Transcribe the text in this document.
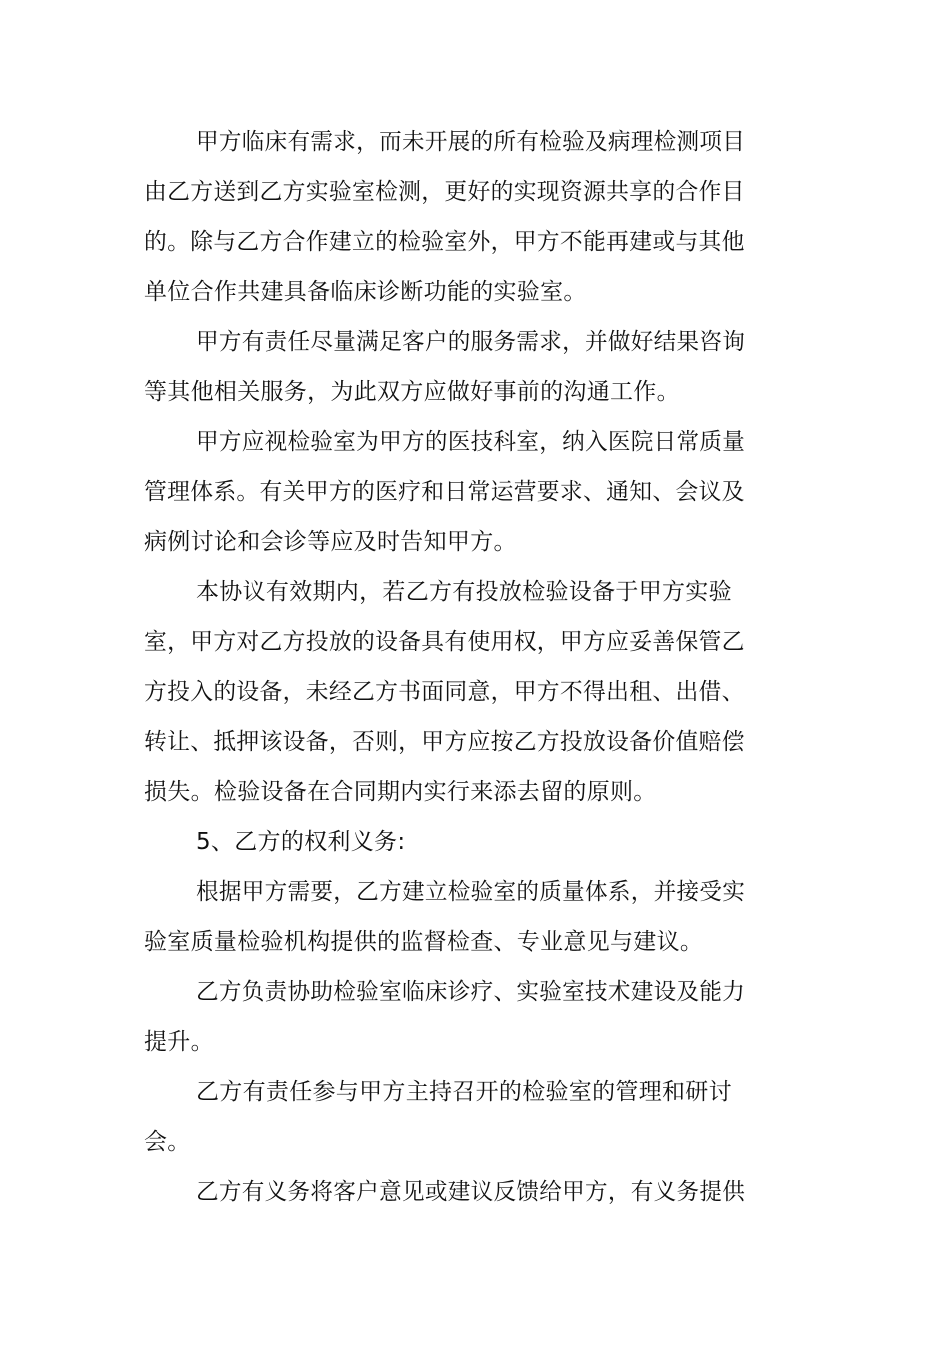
甲方临床有需求，而未开展的所有检验及病理检测项目
由乙方送到乙方实验室检测，更好的实现资源共享的合作目
的。除与乙方合作建立的检验室外，甲方不能再建或与其他
单位合作共建具备临床诊断功能的实验室。
甲方有责任尽量满足客户的服务需求，并做好结果咨询
等其他相关服务，为此双方应做好事前的沟通工作。
甲方应视检验室为甲方的医技科室，纳入医院日常质量
管理体系。有关甲方的医疗和日常运营要求、通知、会议及
病例讨论和会诊等应及时告知甲方。
本协议有效期内，若乙方有投放检验设备于甲方实验
室，甲方对乙方投放的设备具有使用权，甲方应妥善保管乙
方投入的设备，未经乙方书面同意，甲方不得出租、出借、
转让、抵押该设备，否则，甲方应按乙方投放设备价值赔偿
损失。检验设备在合同期内实行来添去留的原则。
5、乙方的权利义务:
根据甲方需要，乙方建立检验室的质量体系，并接受实
验室质量检验机构提供的监督检查、专业意见与建议。
乙方负责协助检验室临床诊疗、实验室技术建设及能力
提升。
乙方有责任参与甲方主持召开的检验室的管理和研讨
会。
乙方有义务将客户意见或建议反馈给甲方，有义务提供
